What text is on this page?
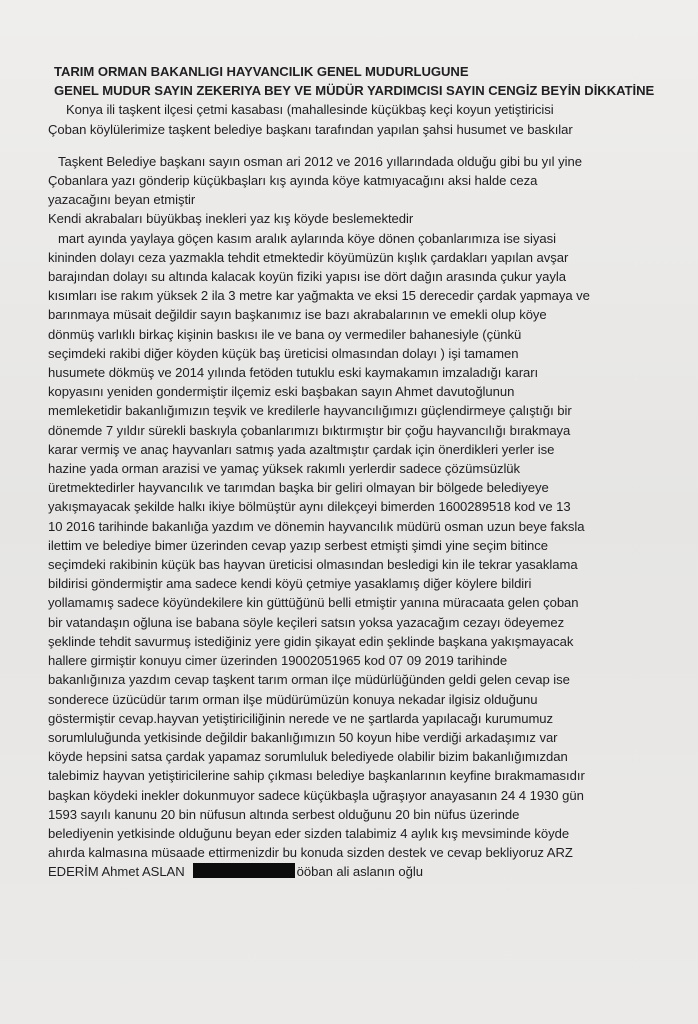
TARIM ORMAN BAKANLIGI HAYVANCILIK GENEL MUDURLUGUNE
GENEL MUDUR SAYIN ZEKERIYA BEY VE MÜDÜR YARDIMCISI SAYIN CENGİZ BEYİN DİKKATİNE
Konya ili taşkent ilçesi çetmi kasabası (mahallesinde küçükbaş keçi koyun yetiştiricisi
Çoban köylülerimize taşkent belediye başkanı tarafından yapılan şahsi husumet ve baskılar
Taşkent Belediye başkanı sayın osman ari 2012 ve 2016 yıllarındada olduğu gibi bu yıl yine
Çobanlara yazı gönderip küçükbaşları kış ayında köye katmıyacağını aksi halde ceza
yazacağını beyan etmiştir
Kendi akrabaları büyükbaş inekleri yaz kış köyde beslemektedir
mart ayında yaylaya göçen kasım aralık aylarında köye dönen çobanlarımıza ise siyasi
kininden dolayı ceza yazmakla tehdit etmektedir köyümüzün kışlık çardakları yapılan avşar
barajından dolayı su altında kalacak koyün fiziki yapısı ise dört dağın arasında çukur yayla
kısımları ise rakım yüksek 2 ila 3 metre kar yağmakta ve eksi 15 derecedir çardak yapmaya ve
barınmaya müsait değildir sayın başkanımız ise bazı akrabalarının ve emekli olup köye
dönmüş varlıklı birkaç kişinin baskısı ile ve bana oy vermediler bahanesiyle (çünkü
seçimdeki rakibi diğer köyden küçük baş üreticisi olmasından dolayı ) işi tamamen
husumete dökmüş ve 2014 yılında fetöden tutuklu eski kaymakamın imzaladığı kararı
kopyasını yeniden gondermiştir ilçemiz eski başbakan sayın Ahmet davutoğlunun
memleketidir bakanlığımızın teşvik ve kredilerle hayvancılığımızı güçlendirmeye çalıştığı bir
dönemde 7 yıldır sürekli baskıyla çobanlarımızı bıktırmıştır bir çoğu hayvancılığı bırakmaya
karar vermiş ve anaç hayvanları satmış yada azaltmıştır çardak için önerdikleri yerler ise
hazine yada orman arazisi ve yamaç yüksek rakımlı yerlerdir sadece çözümsüzlük
üretmektedirler hayvancılık ve tarımdan başka bir geliri olmayan bir bölgede belediyeye
yakışmayacak şekilde halkı ikiye bölmüştür aynı dilekçeyi bimerden 1600289518 kod ve 13
10 2016 tarihinde bakanlığa yazdım ve dönemin hayvancılık müdürü osman uzun beye faksla
ilettim ve belediye bimer üzerinden cevap yazıp serbest etmişti şimdi yine seçim bitince
seçimdeki rakibinin küçük bas hayvan üreticisi olmasından besledigi kin ile tekrar yasaklama
bildirisi göndermiştir ama sadece kendi köyü çetmiye yasaklamış diğer köylere bildiri
yollamamış sadece köyündekilere kin güttüğünü belli etmiştir yanına müracaata gelen çoban
bir vatandaşın oğluna ise babana söyle keçileri satsın yoksa yazacağım cezayı ödeyemez
şeklinde tehdit savurmuş istediğiniz yere gidin şikayat edin şeklinde başkana yakışmayacak
hallere girmiştir konuyu cimer üzerinden 19002051965 kod 07 09 2019 tarihinde
bakanlığınıza yazdım cevap taşkent tarım orman ilçe müdürlüğünden geldi gelen cevap ise
sonderece üzücüdür tarım orman ilşe müdürümüzün konuya nekadar ilgisiz olduğunu
göstermiştir cevap.hayvan yetiştiriciliğinin nerede ve ne şartlarda yapılacağı kurumumuz
sorumluluğunda yetkisinde değildir bakanlığımızın 50 koyun hibe verdiği arkadaşımız var
köyde hepsini satsa çardak yapamaz sorumluluk belediyede olabilir bizim bakanlığımızdan
talebimiz hayvan yetiştiricilerine sahip çıkması belediye başkanlarının keyfine bırakmamasıdır
başkan köydeki inekler dokunmuyor sadece küçükbaşla uğraşıyor anayasanın 24 4 1930 gün
1593 sayılı kanunu 20 bin nüfusun altında serbest olduğunu 20 bin nüfus üzerinde
belediyenin yetkisinde olduğunu beyan eder sizden talabimiz 4 aylık kış mevsiminde köyde
ahırda kalmasına müsaade ettirmenizdir bu konuda sizden destek ve cevap bekliyoruz ARZ
EDERİM Ahmet ASLAN	ööban ali aslanın oğlu
